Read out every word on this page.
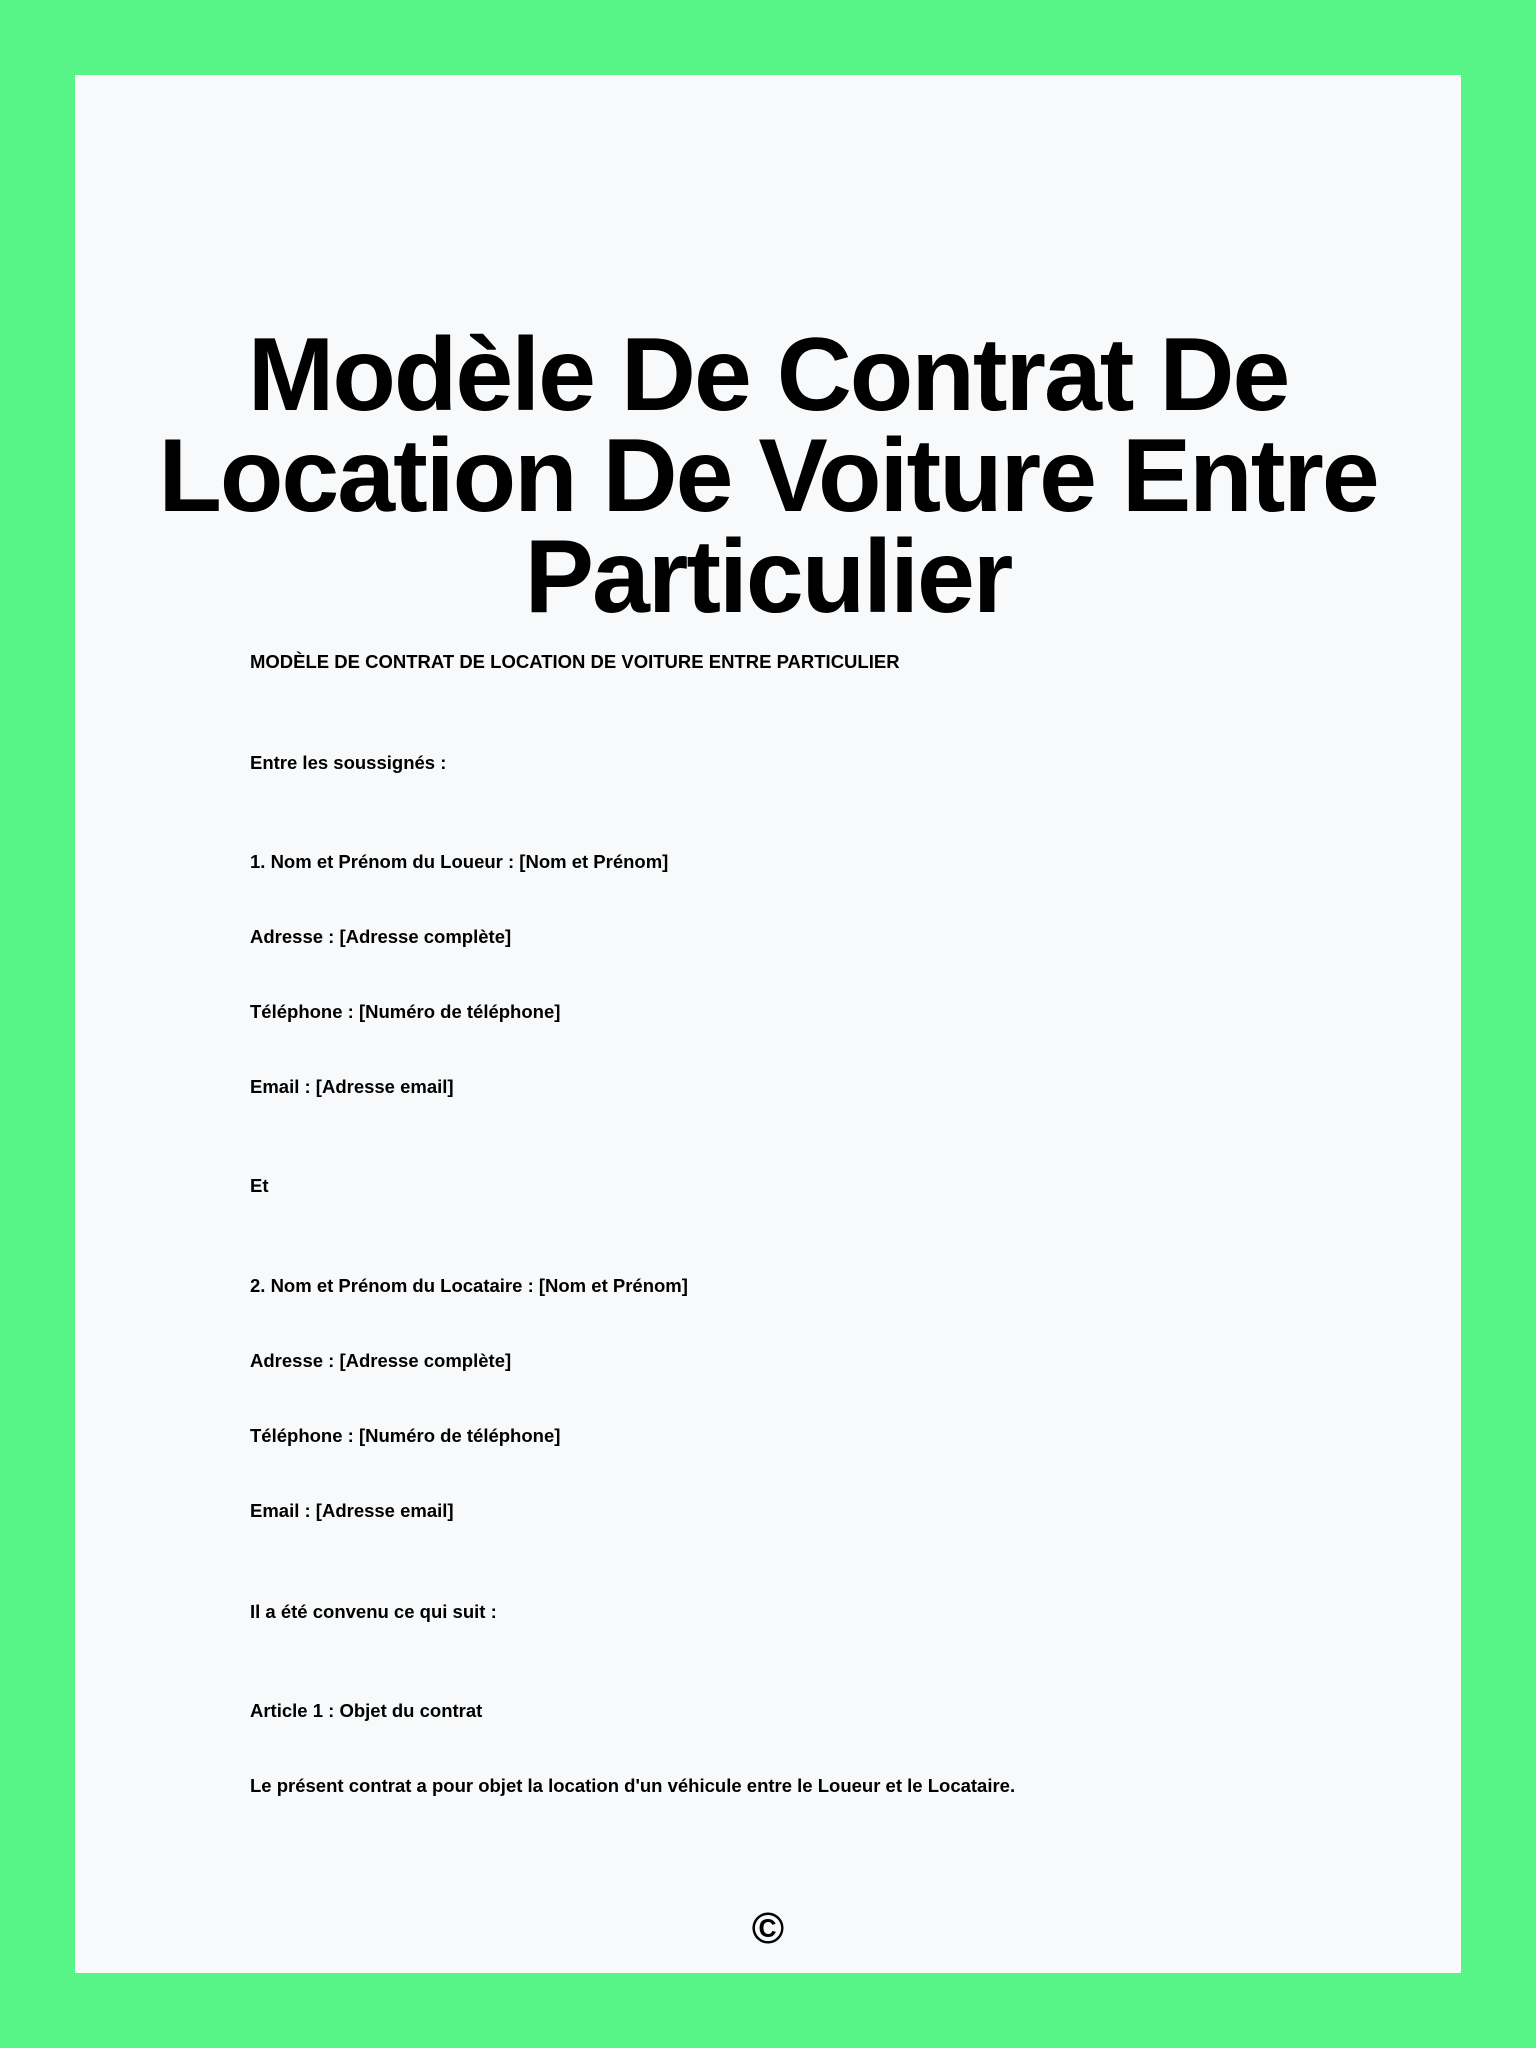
Modèle De Contrat De
Location De Voiture Entre
Particulier
MODÈLE DE CONTRAT DE LOCATION DE VOITURE ENTRE PARTICULIER
Entre les soussignés :
1. Nom et Prénom du Loueur : [Nom et Prénom]
Adresse : [Adresse complète]
Téléphone : [Numéro de téléphone]
Email : [Adresse email]
Et
2. Nom et Prénom du Locataire : [Nom et Prénom]
Adresse : [Adresse complète]
Téléphone : [Numéro de téléphone]
Email : [Adresse email]
Il a été convenu ce qui suit :
Article 1 : Objet du contrat
Le présent contrat a pour objet la location d'un véhicule entre le Loueur et le Locataire.
©
